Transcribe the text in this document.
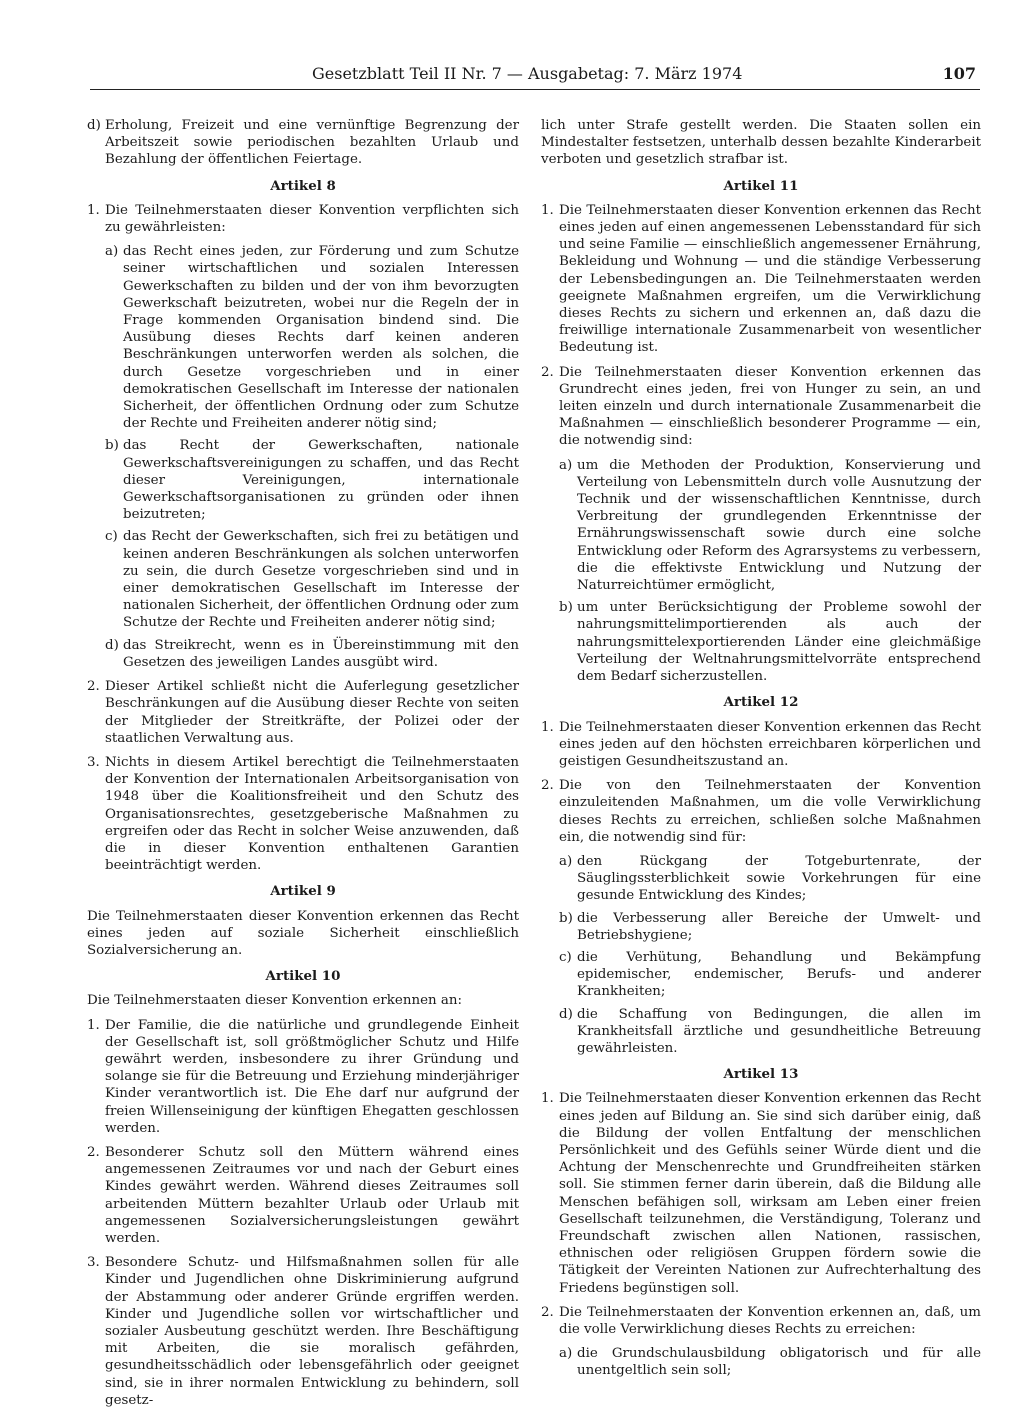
Gesetzblatt Teil II Nr. 7 — Ausgabetag: 7. März 1974	107
d) Erholung, Freizeit und eine vernünftige Begrenzung der Arbeitszeit sowie periodischen bezahlten Urlaub und Bezahlung der öffentlichen Feiertage.
Artikel 8
1. Die Teilnehmerstaaten dieser Konvention verpflichten sich zu gewährleisten:
a) das Recht eines jeden, zur Förderung und zum Schutze seiner wirtschaftlichen und sozialen Interessen Gewerkschaften zu bilden und der von ihm bevorzugten Gewerkschaft beizutreten, wobei nur die Regeln der in Frage kommenden Organisation bindend sind. Die Ausübung dieses Rechts darf keinen anderen Beschränkungen unterworfen werden als solchen, die durch Gesetze vorgeschrieben und in einer demokratischen Gesellschaft im Interesse der nationalen Sicherheit, der öffentlichen Ordnung oder zum Schutze der Rechte und Freiheiten anderer nötig sind;
b) das Recht der Gewerkschaften, nationale Gewerkschaftsvereinigungen zu schaffen, und das Recht dieser Vereinigungen, internationale Gewerkschaftsorganisationen zu gründen oder ihnen beizutreten;
c) das Recht der Gewerkschaften, sich frei zu betätigen und keinen anderen Beschränkungen als solchen unterworfen zu sein, die durch Gesetze vorgeschrieben sind und in einer demokratischen Gesellschaft im Interesse der nationalen Sicherheit, der öffentlichen Ordnung oder zum Schutze der Rechte und Freiheiten anderer nötig sind;
d) das Streikrecht, wenn es in Übereinstimmung mit den Gesetzen des jeweiligen Landes ausgübt wird.
2. Dieser Artikel schließt nicht die Auferlegung gesetzlicher Beschränkungen auf die Ausübung dieser Rechte von seiten der Mitglieder der Streitkräfte, der Polizei oder der staatlichen Verwaltung aus.
3. Nichts in diesem Artikel berechtigt die Teilnehmerstaaten der Konvention der Internationalen Arbeitsorganisation von 1948 über die Koalitionsfreiheit und den Schutz des Organisationsrechtes, gesetzgeberische Maßnahmen zu ergreifen oder das Recht in solcher Weise anzuwenden, daß die in dieser Konvention enthaltenen Garantien beeinträchtigt werden.
Artikel 9
Die Teilnehmerstaaten dieser Konvention erkennen das Recht eines jeden auf soziale Sicherheit einschließlich Sozialversicherung an.
Artikel 10
Die Teilnehmerstaaten dieser Konvention erkennen an:
1. Der Familie, die die natürliche und grundlegende Einheit der Gesellschaft ist, soll größtmöglicher Schutz und Hilfe gewährt werden, insbesondere zu ihrer Gründung und solange sie für die Betreuung und Erziehung minderjähriger Kinder verantwortlich ist. Die Ehe darf nur aufgrund der freien Willenseinigung der künftigen Ehegatten geschlossen werden.
2. Besonderer Schutz soll den Müttern während eines angemessenen Zeitraumes vor und nach der Geburt eines Kindes gewährt werden. Während dieses Zeitraumes soll arbeitenden Müttern bezahlter Urlaub oder Urlaub mit angemessenen Sozialversicherungsleistungen gewährt werden.
3. Besondere Schutz- und Hilfsmaßnahmen sollen für alle Kinder und Jugendlichen ohne Diskriminierung aufgrund der Abstammung oder anderer Gründe ergriffen werden. Kinder und Jugendliche sollen vor wirtschaftlicher und sozialer Ausbeutung geschützt werden. Ihre Beschäftigung mit Arbeiten, die sie moralisch gefährden, gesundheitsschädlich oder lebensgefährlich oder geeignet sind, sie in ihrer normalen Entwicklung zu behindern, soll gesetz-
lich unter Strafe gestellt werden. Die Staaten sollen ein Mindestalter festsetzen, unterhalb dessen bezahlte Kinderarbeit verboten und gesetzlich strafbar ist.
Artikel 11
1. Die Teilnehmerstaaten dieser Konvention erkennen das Recht eines jeden auf einen angemessenen Lebensstandard für sich und seine Familie — einschließlich angemessener Ernährung, Bekleidung und Wohnung — und die ständige Verbesserung der Lebensbedingungen an. Die Teilnehmerstaaten werden geeignete Maßnahmen ergreifen, um die Verwirklichung dieses Rechts zu sichern und erkennen an, daß dazu die freiwillige internationale Zusammenarbeit von wesentlicher Bedeutung ist.
2. Die Teilnehmerstaaten dieser Konvention erkennen das Grundrecht eines jeden, frei von Hunger zu sein, an und leiten einzeln und durch internationale Zusammenarbeit die Maßnahmen — einschließlich besonderer Programme — ein, die notwendig sind:
a) um die Methoden der Produktion, Konservierung und Verteilung von Lebensmitteln durch volle Ausnutzung der Technik und der wissenschaftlichen Kenntnisse, durch Verbreitung der grundlegenden Erkenntnisse der Ernährungswissenschaft sowie durch eine solche Entwicklung oder Reform des Agrarsystems zu verbessern, die die effektivste Entwicklung und Nutzung der Naturreichtümer ermöglicht,
b) um unter Berücksichtigung der Probleme sowohl der nahrungsmittelimportierenden als auch der nahrungsmittelexportierenden Länder eine gleichmäßige Verteilung der Weltnahrungsmittelvorräte entsprechend dem Bedarf sicherzustellen.
Artikel 12
1. Die Teilnehmerstaaten dieser Konvention erkennen das Recht eines jeden auf den höchsten erreichbaren körperlichen und geistigen Gesundheitszustand an.
2. Die von den Teilnehmerstaaten der Konvention einzuleitenden Maßnahmen, um die volle Verwirklichung dieses Rechts zu erreichen, schließen solche Maßnahmen ein, die notwendig sind für:
a) den Rückgang der Totgeburtenrate, der Säuglingssterblichkeit sowie Vorkehrungen für eine gesunde Entwicklung des Kindes;
b) die Verbesserung aller Bereiche der Umwelt- und Betriebshygiene;
c) die Verhütung, Behandlung und Bekämpfung epidemischer, endemischer, Berufs- und anderer Krankheiten;
d) die Schaffung von Bedingungen, die allen im Krankheitsfall ärztliche und gesundheitliche Betreuung gewährleisten.
Artikel 13
1. Die Teilnehmerstaaten dieser Konvention erkennen das Recht eines jeden auf Bildung an. Sie sind sich darüber einig, daß die Bildung der vollen Entfaltung der menschlichen Persönlichkeit und des Gefühls seiner Würde dient und die Achtung der Menschenrechte und Grundfreiheiten stärken soll. Sie stimmen ferner darin überein, daß die Bildung alle Menschen befähigen soll, wirksam am Leben einer freien Gesellschaft teilzunehmen, die Verständigung, Toleranz und Freundschaft zwischen allen Nationen, rassischen, ethnischen oder religiösen Gruppen fördern sowie die Tätigkeit der Vereinten Nationen zur Aufrechterhaltung des Friedens begünstigen soll.
2. Die Teilnehmerstaaten der Konvention erkennen an, daß, um die volle Verwirklichung dieses Rechts zu erreichen:
a) die Grundschulausbildung obligatorisch und für alle unentgeltlich sein soll;
